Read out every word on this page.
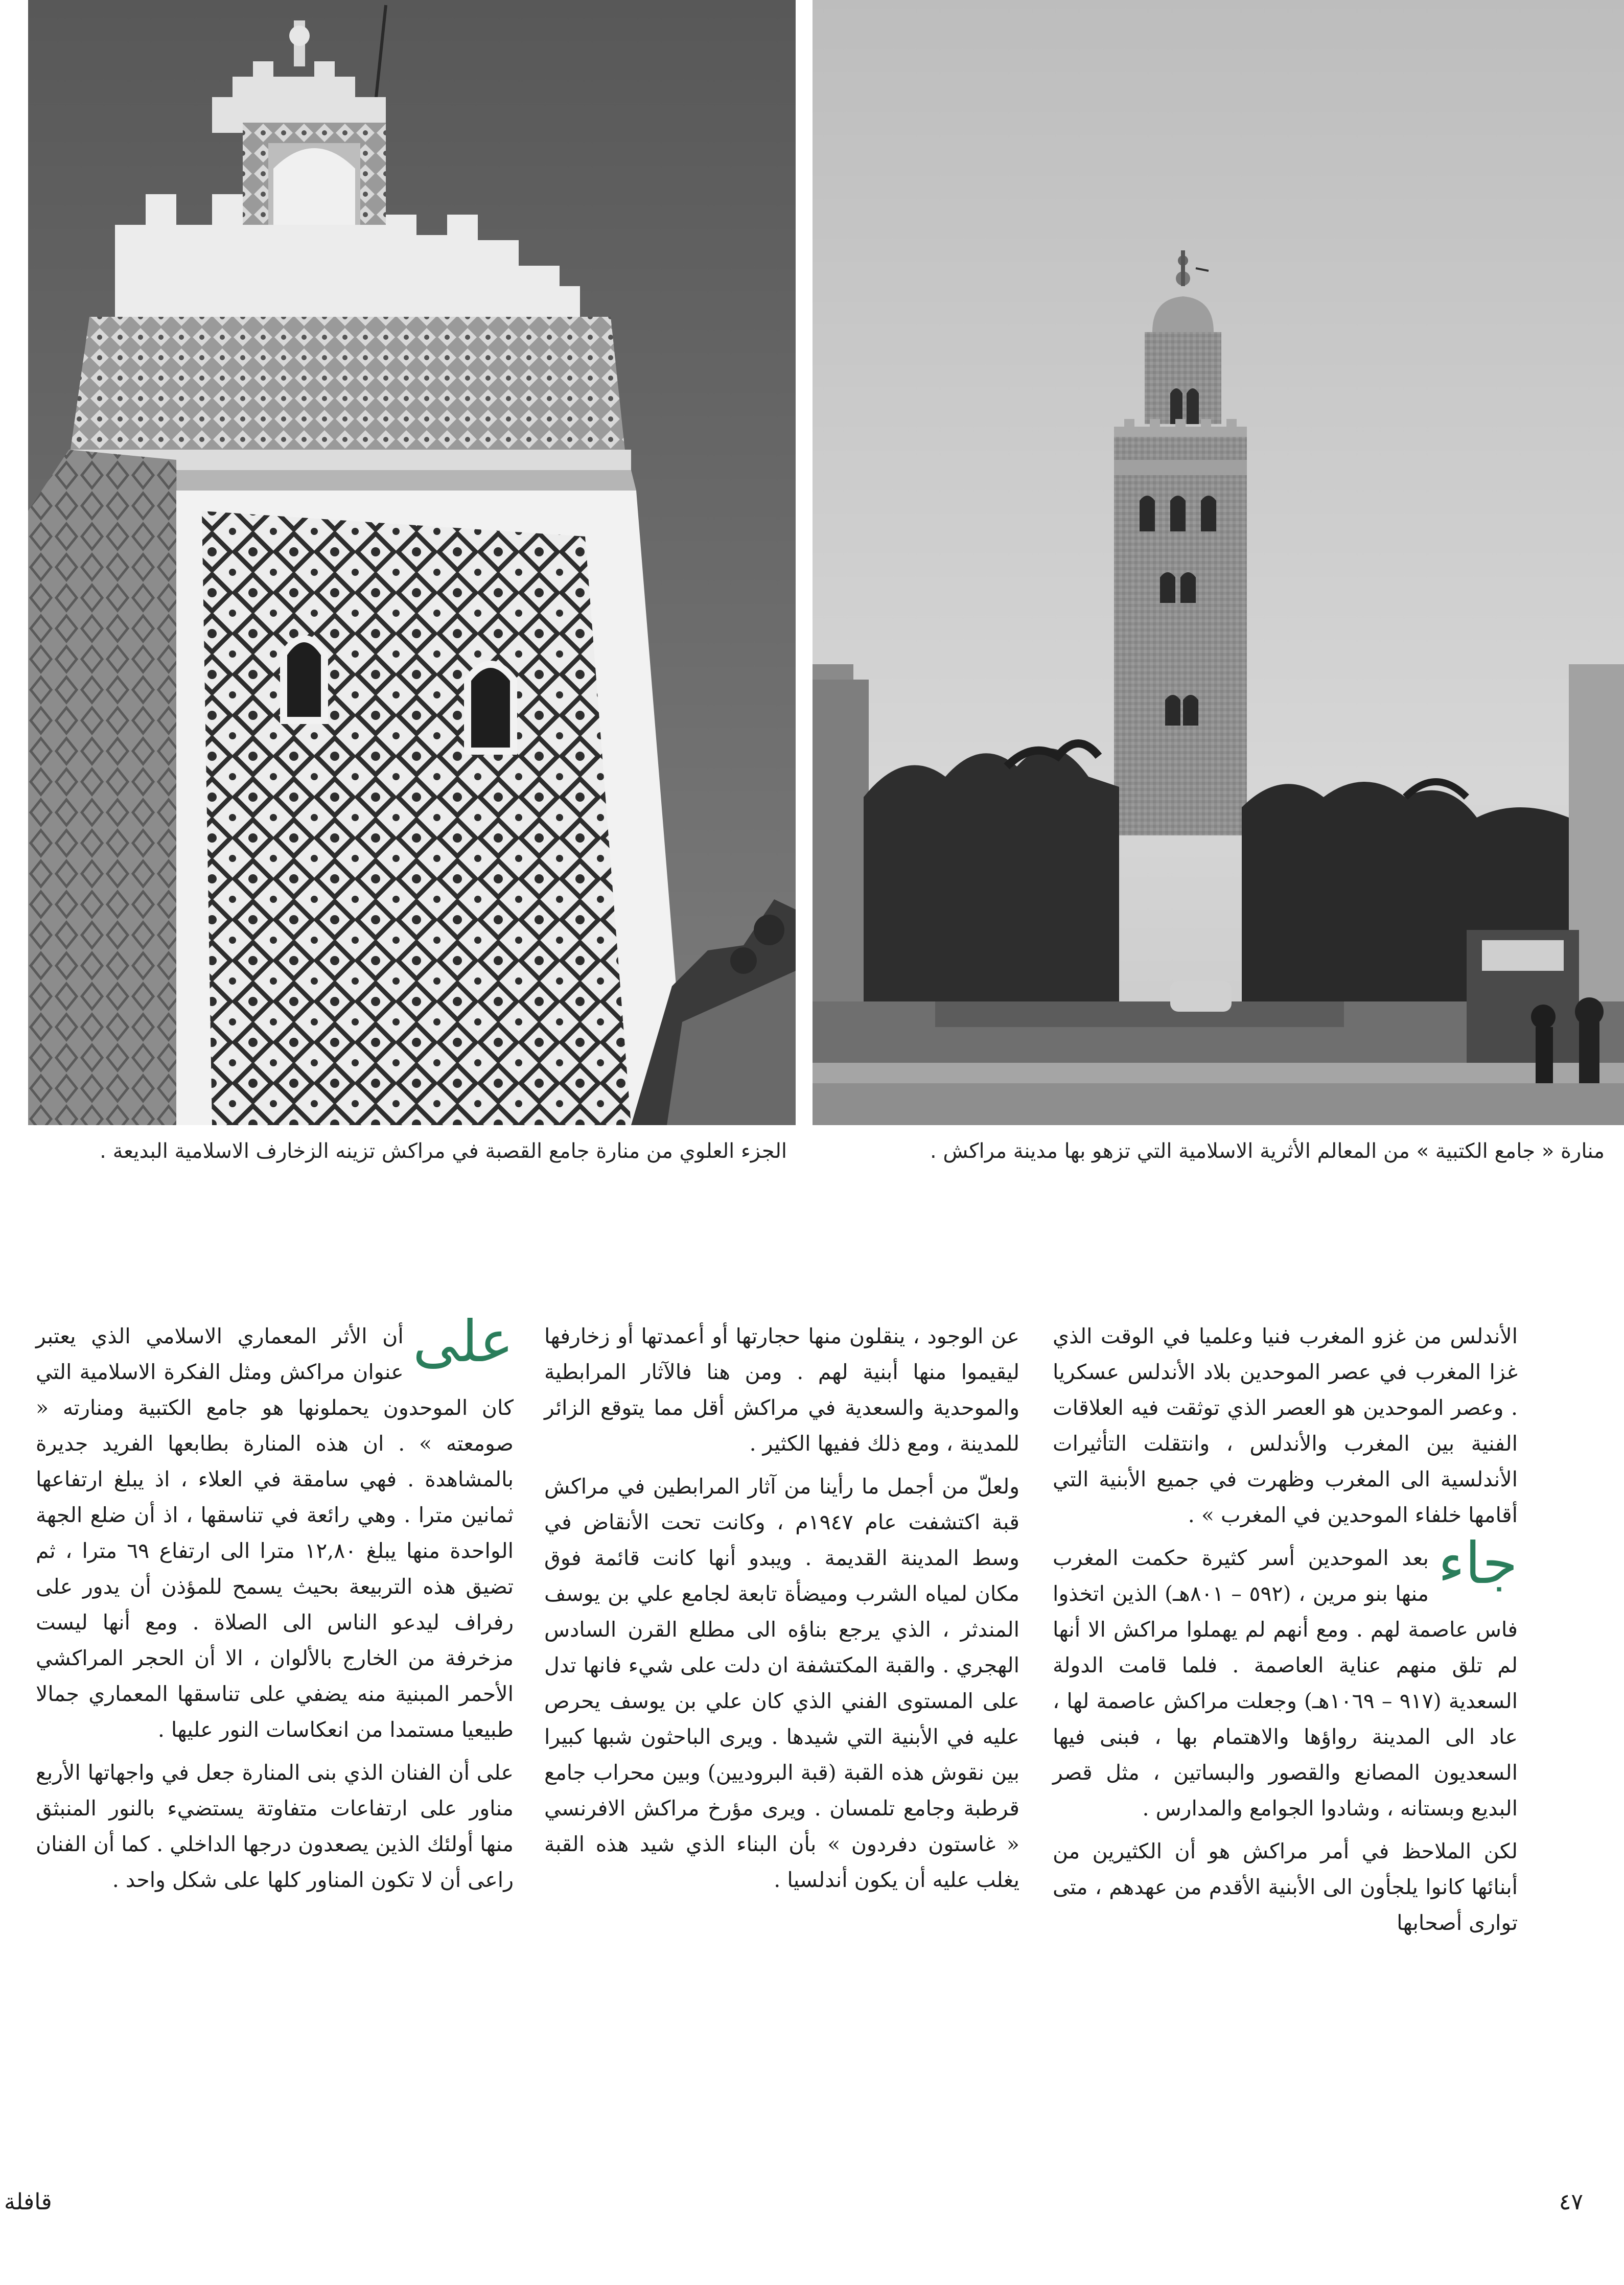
الجزء العلوي من منارة جامع القصبة في مراكش تزينه الزخارف الاسلامية البديعة .	منارة « جامع الكتبية » من المعالم الأثرية الاسلامية التي تزهو بها مدينة مراكش .

الأندلس من غزو المغرب فنيا وعلميا في الوقت الذي غزا المغرب في عصر الموحدين بلاد الأندلس عسكريا . وعصر الموحدين هو العصر الذي توثقت فيه العلاقات الفنية بين المغرب والأندلس ، وانتقلت التأثيرات الأندلسية الى المغرب وظهرت في جميع الأبنية التي أقامها خلفاء الموحدين في المغرب » .

جاء
بعد الموحدين أسر كثيرة حكمت المغرب منها بنو مرين ، (٥٩٢ – ٨٠١هـ) الذين اتخذوا فاس عاصمة لهم . ومع أنهم لم يهملوا مراكش الا أنها لم تلق منهم عناية العاصمة . فلما قامت الدولة السعدية (٩١٧ – ١٠٦٩هـ) وجعلت مراكش عاصمة لها ، عاد الى المدينة رواؤها والاهتمام بها ، فبنى فيها السعديون المصانع والقصور والبساتين ، مثل قصر البديع وبستانه ، وشادوا الجوامع والمدارس .

لكن الملاحظ في أمر مراكش هو أن الكثيرين من أبنائها كانوا يلجأون الى الأبنية الأقدم من عهدهم ، متى توارى أصحابها

عن الوجود ، ينقلون منها حجارتها أو أعمدتها أو زخارفها ليقيموا منها أبنية لهم . ومن هنا فالآثار المرابطية والموحدية والسعدية في مراكش أقل مما يتوقع الزائر للمدينة ، ومع ذلك ففيها الكثير .

ولعلّ من أجمل ما رأينا من آثار المرابطين في مراكش قبة اكتشفت عام ١٩٤٧م ، وكانت تحت الأنقاض في وسط المدينة القديمة . ويبدو أنها كانت قائمة فوق مكان لمياه الشرب وميضأة تابعة لجامع علي بن يوسف المندثر ، الذي يرجع بناؤه الى مطلع القرن السادس الهجري . والقبة المكتشفة ان دلت على شيء فانها تدل على المستوى الفني الذي كان علي بن يوسف يحرص عليه في الأبنية التي شيدها . ويرى الباحثون شبها كبيرا بين نقوش هذه القبة (قبة البروديين) وبين محراب جامع قرطبة وجامع تلمسان . ويرى مؤرخ مراكش الافرنسي « غاستون دفردون » بأن البناء الذي شيد هذه القبة يغلب عليه أن يكون أندلسيا .

على
أن الأثر المعماري الاسلامي الذي يعتبر عنوان مراكش ومثل الفكرة الاسلامية التي كان الموحدون يحملونها هو جامع الكتبية ومنارته « صومعته » . ان هذه المنارة بطابعها الفريد جديرة بالمشاهدة . فهي سامقة في العلاء ، اذ يبلغ ارتفاعها ثمانين مترا . وهي رائعة في تناسقها ، اذ أن ضلع الجهة الواحدة منها يبلغ ١٢,٨٠ مترا الى ارتفاع ٦٩ مترا ، ثم تضيق هذه التربيعة بحيث يسمح للمؤذن أن يدور على رفراف ليدعو الناس الى الصلاة . ومع أنها ليست مزخرفة من الخارج بالألوان ، الا أن الحجر المراكشي الأحمر المبنية منه يضفي على تناسقها المعماري جمالا طبيعيا مستمدا من انعكاسات النور عليها .

على أن الفنان الذي بنى المنارة جعل في واجهاتها الأربع مناور على ارتفاعات متفاوتة يستضيء بالنور المنبثق منها أولئك الذين يصعدون درجها الداخلي . كما أن الفنان راعى أن لا تكون المناور كلها على شكل واحد .

٤٧
قافلة
